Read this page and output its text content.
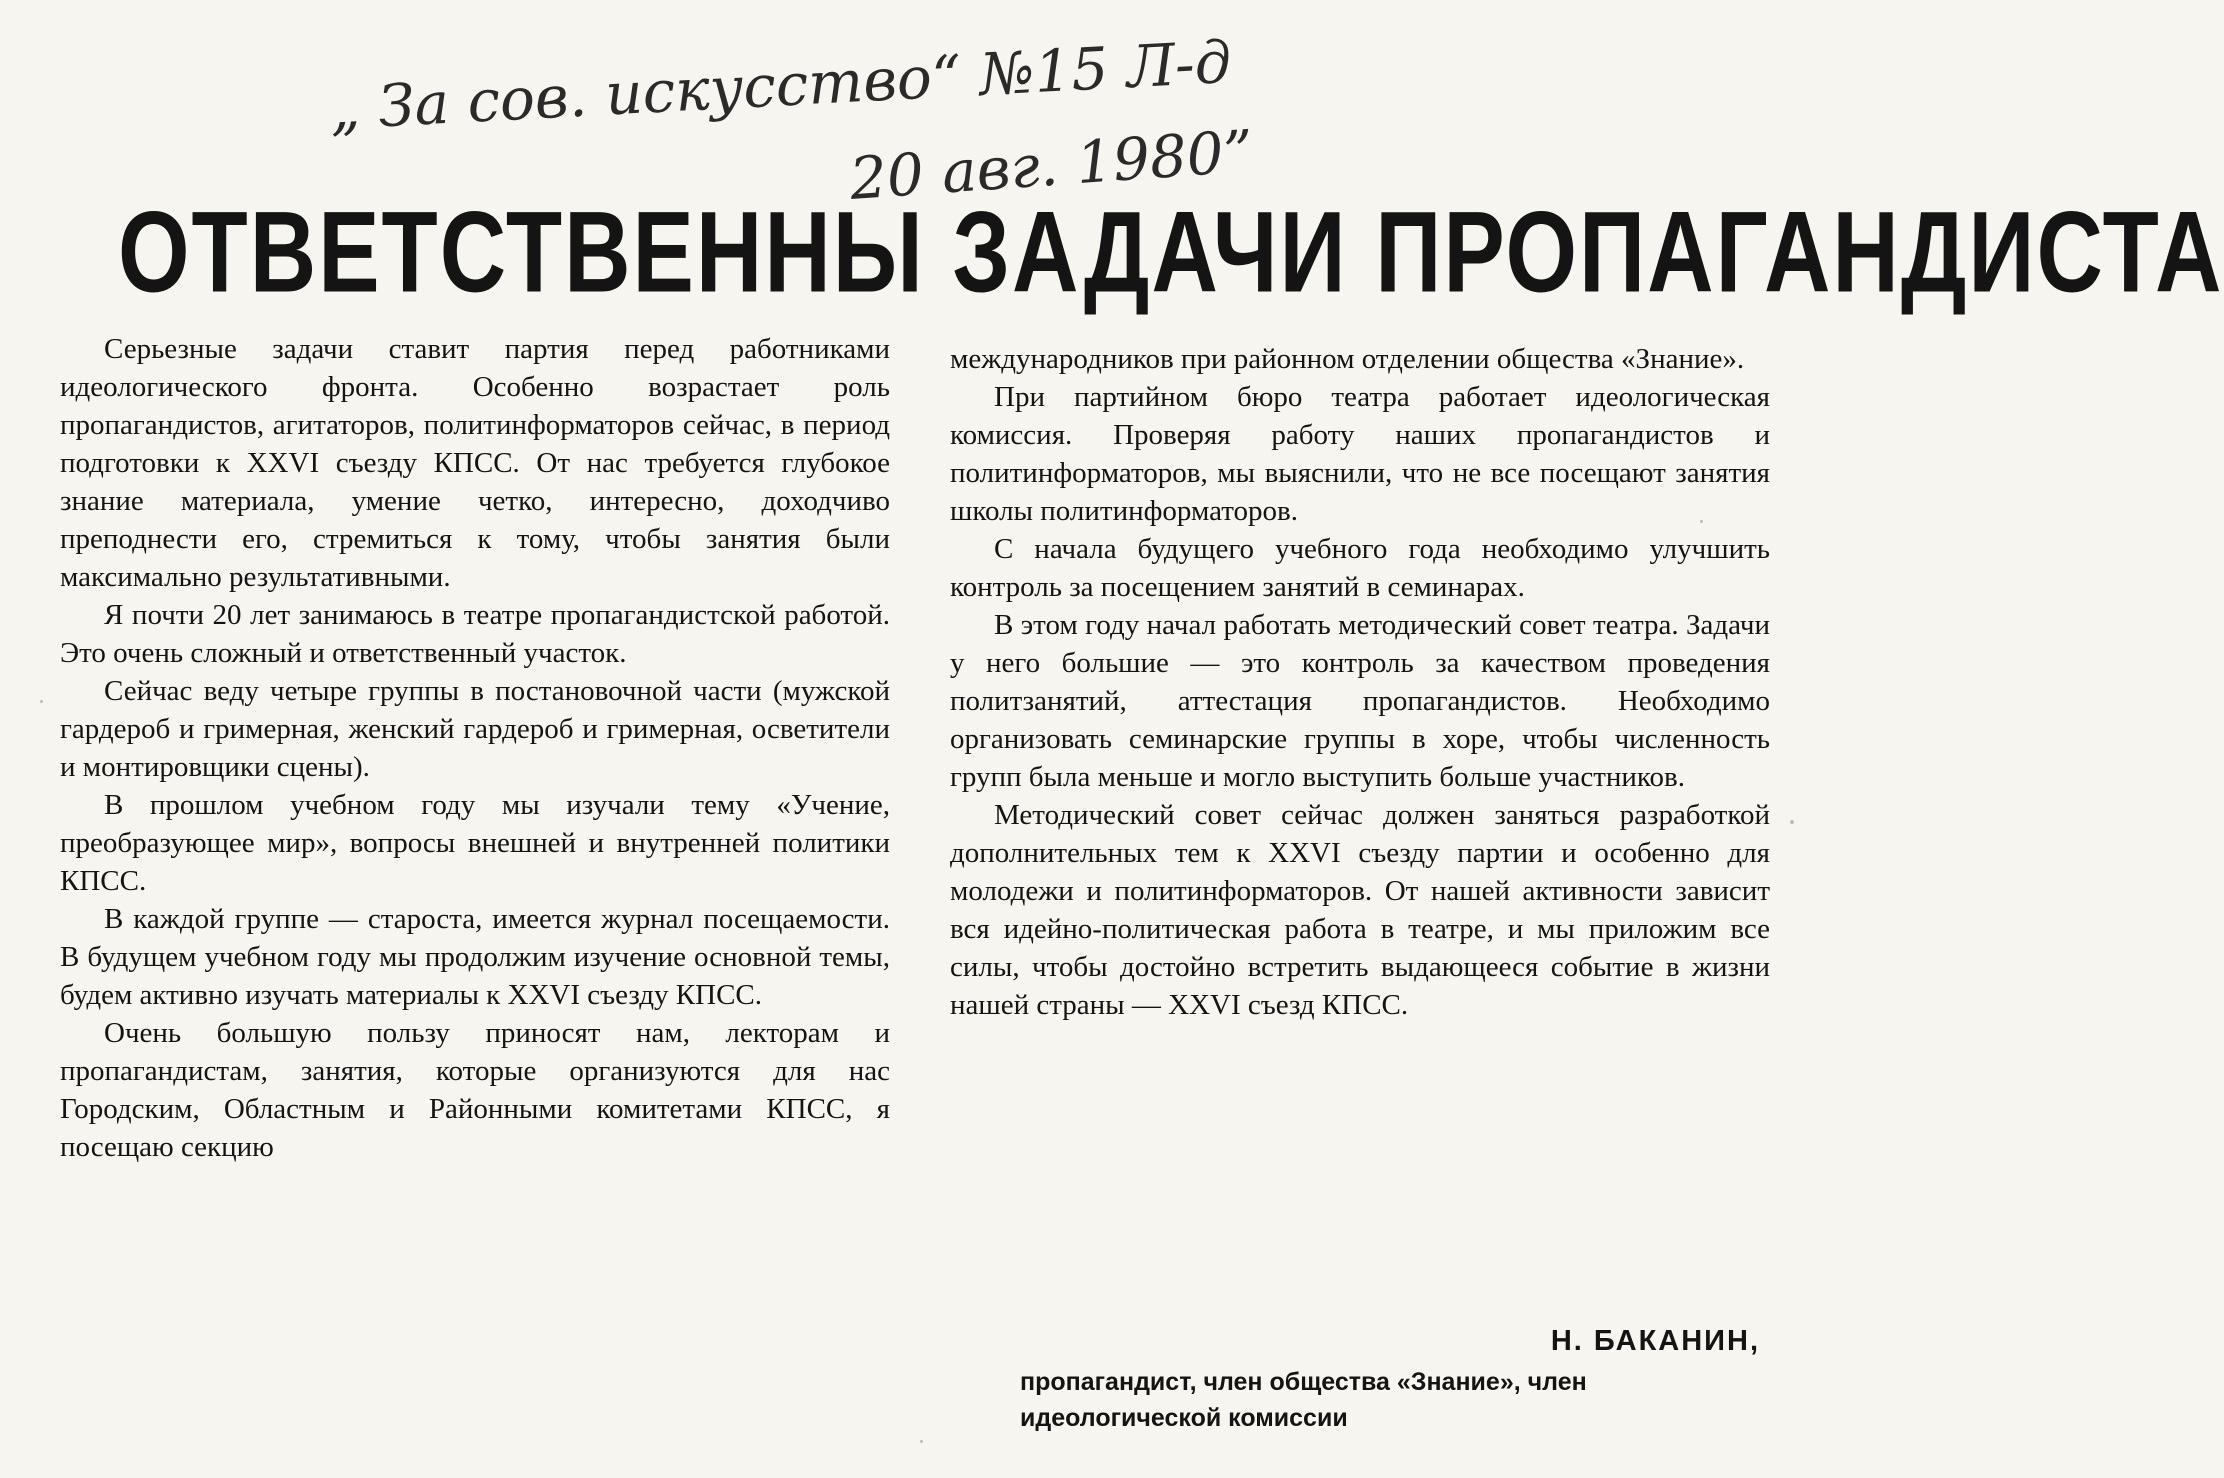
„ За сов. искусство“ №15 Л-д
20 авг. 1980”
ОТВЕТСТВЕННЫ ЗАДАЧИ ПРОПАГАНДИСТА

Серьезные задачи ставит партия перед работниками идеологического фронта. Особенно возрастает роль пропагандистов, агитаторов, политинформаторов сейчас, в период подготовки к XXVI съезду КПСС. От нас требуется глубокое знание материала, умение четко, интересно, доходчиво преподнести его, стремиться к тому, чтобы занятия были максимально результативными.

Я почти 20 лет занимаюсь в театре пропагандистской работой. Это очень сложный и ответственный участок.

Сейчас веду четыре группы в постановочной части (мужской гардероб и гримерная, женский гардероб и гримерная, осветители и монтировщики сцены).

В прошлом учебном году мы изучали тему «Учение, преобразующее мир», вопросы внешней и внутренней политики КПСС.

В каждой группе — староста, имеется журнал посещаемости. В будущем учебном году мы продолжим изучение основной темы, будем активно изучать материалы к XXVI съезду КПСС.

Очень большую пользу приносят нам, лекторам и пропагандистам, занятия, которые организуются для нас Городским, Областным и Районными комитетами КПСС, я посещаю секцию

международников при районном отделении общества «Знание».

При партийном бюро театра работает идеологическая комиссия. Проверяя работу наших пропагандистов и политинформаторов, мы выяснили, что не все посещают занятия школы политинформаторов.

С начала будущего учебного года необходимо улучшить контроль за посещением занятий в семинарах.

В этом году начал работать методический совет театра. Задачи у него большие — это контроль за качеством проведения политзанятий, аттестация пропагандистов. Необходимо организовать семинарские группы в хоре, чтобы численность групп была меньше и могло выступить больше участников.

Методический совет сейчас должен заняться разработкой дополнительных тем к XXVI съезду партии и особенно для молодежи и политинформаторов. От нашей активности зависит вся идейно-политическая работа в театре, и мы приложим все силы, чтобы достойно встретить выдающееся событие в жизни нашей страны — XXVI съезд КПСС.

Н. БАКАНИН,
пропагандист, член общества «Знание», член идеологической комиссии
